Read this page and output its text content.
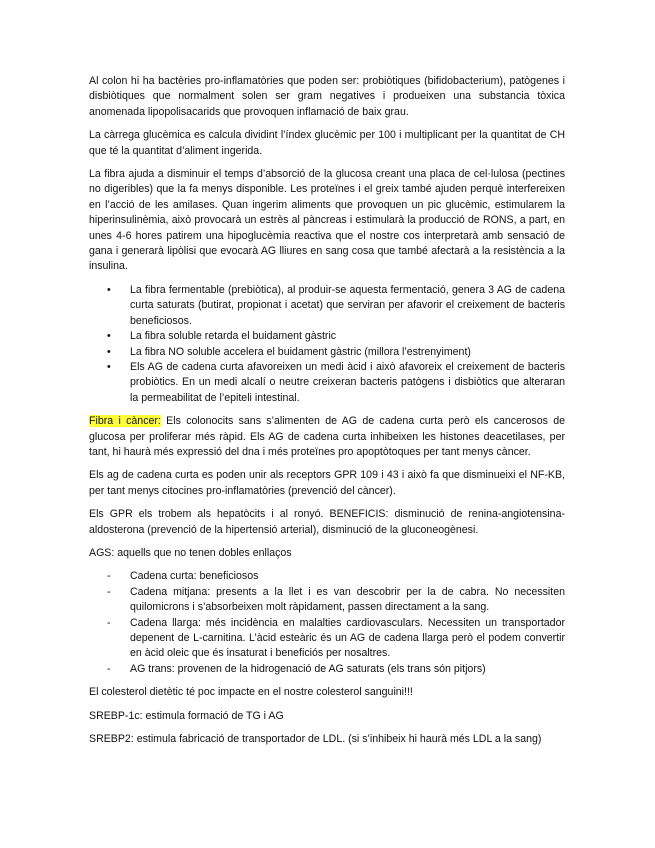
Al colon hi ha bactèries pro-inflamatòries que poden ser: probiòtiques (bifidobacterium), patògenes i disbiòtiques que normalment solen ser gram negatives i produeixen una substancia tòxica anomenada lipopolisacarids que provoquen inflamació de baix grau.

La càrrega glucèmica es calcula dividint l’índex glucèmic per 100 i multiplicant per la quantitat de CH que té la quantitat d’aliment ingerida.

La fibra ajuda a disminuir el temps d’absorció de la glucosa creant una placa de cel·lulosa (pectines no digeribles) que la fa menys disponible. Les proteïnes i el greix també ajuden perquè interfereixen en l’acció de les amilases. Quan ingerim aliments que provoquen un pic glucèmic, estimularem la hiperinsulinèmia, això provocarà un estrès al pàncreas i estimularà la producció de RONS, a part, en unes 4-6 hores patirem una hipoglucèmia reactiva que el nostre cos interpretarà amb sensació de gana i generarà lipòlisi que evocarà AG lliures en sang cosa que també afectarà a la resistència a la insulina.

• La fibra fermentable (prebiòtica), al produir-se aquesta fermentació, genera 3 AG de cadena curta saturats (butirat, propionat i acetat) que serviran per afavorir el creixement de bacteris beneficiosos.
• La fibra soluble retarda el buidament gàstric
• La fibra NO soluble accelera el buidament gàstric (millora l’estrenyiment)
• Els AG de cadena curta afavoreixen un medi àcid i això afavoreix el creixement de bacteris probiòtics. En un medi alcalí o neutre creixeran bacteris patògens i disbiòtics que alteraran la permeabilitat de l’epiteli intestinal.

Fibra i càncer: Els colonocits sans s’alimenten de AG de cadena curta però els cancerosos de glucosa per proliferar més ràpid. Els AG de cadena curta inhibeixen les histones deacetilases, per tant, hi haurà més expressió del dna i més proteïnes pro apoptòtoques per tant menys càncer.

Els ag de cadena curta es poden unir als receptors GPR 109 i 43 i això fa que disminueixi el NF-KB, per tant menys citocines pro-inflamatòries (prevenció del càncer).

Els GPR els trobem als hepatòcits i al ronyó. BENEFICIS: disminució de renina-angiotensina-aldosterona (prevenció de la hipertensió arterial), disminució de la gluconeogènesi.

AGS: aquells que no tenen dobles enllaços

- Cadena curta: beneficiosos
- Cadena mitjana: presents a la llet i es van descobrir per la de cabra. No necessiten quilomicrons i s’absorbeixen molt ràpidament, passen directament a la sang.
- Cadena llarga: més incidència en malalties cardiovasculars. Necessiten un transportador depenent de L-carnitina. L’àcid esteàric és un AG de cadena llarga però el podem convertir en àcid oleic que és insaturat i beneficiós per nosaltres.
- AG trans: provenen de la hidrogenació de AG saturats (els trans són pitjors)

El colesterol dietètic té poc impacte en el nostre colesterol sanguini!!!

SREBP-1c: estimula formació de TG i AG

SREBP2: estimula fabricació de transportador de LDL. (si s’inhibeix hi haurà més LDL a la sang)
